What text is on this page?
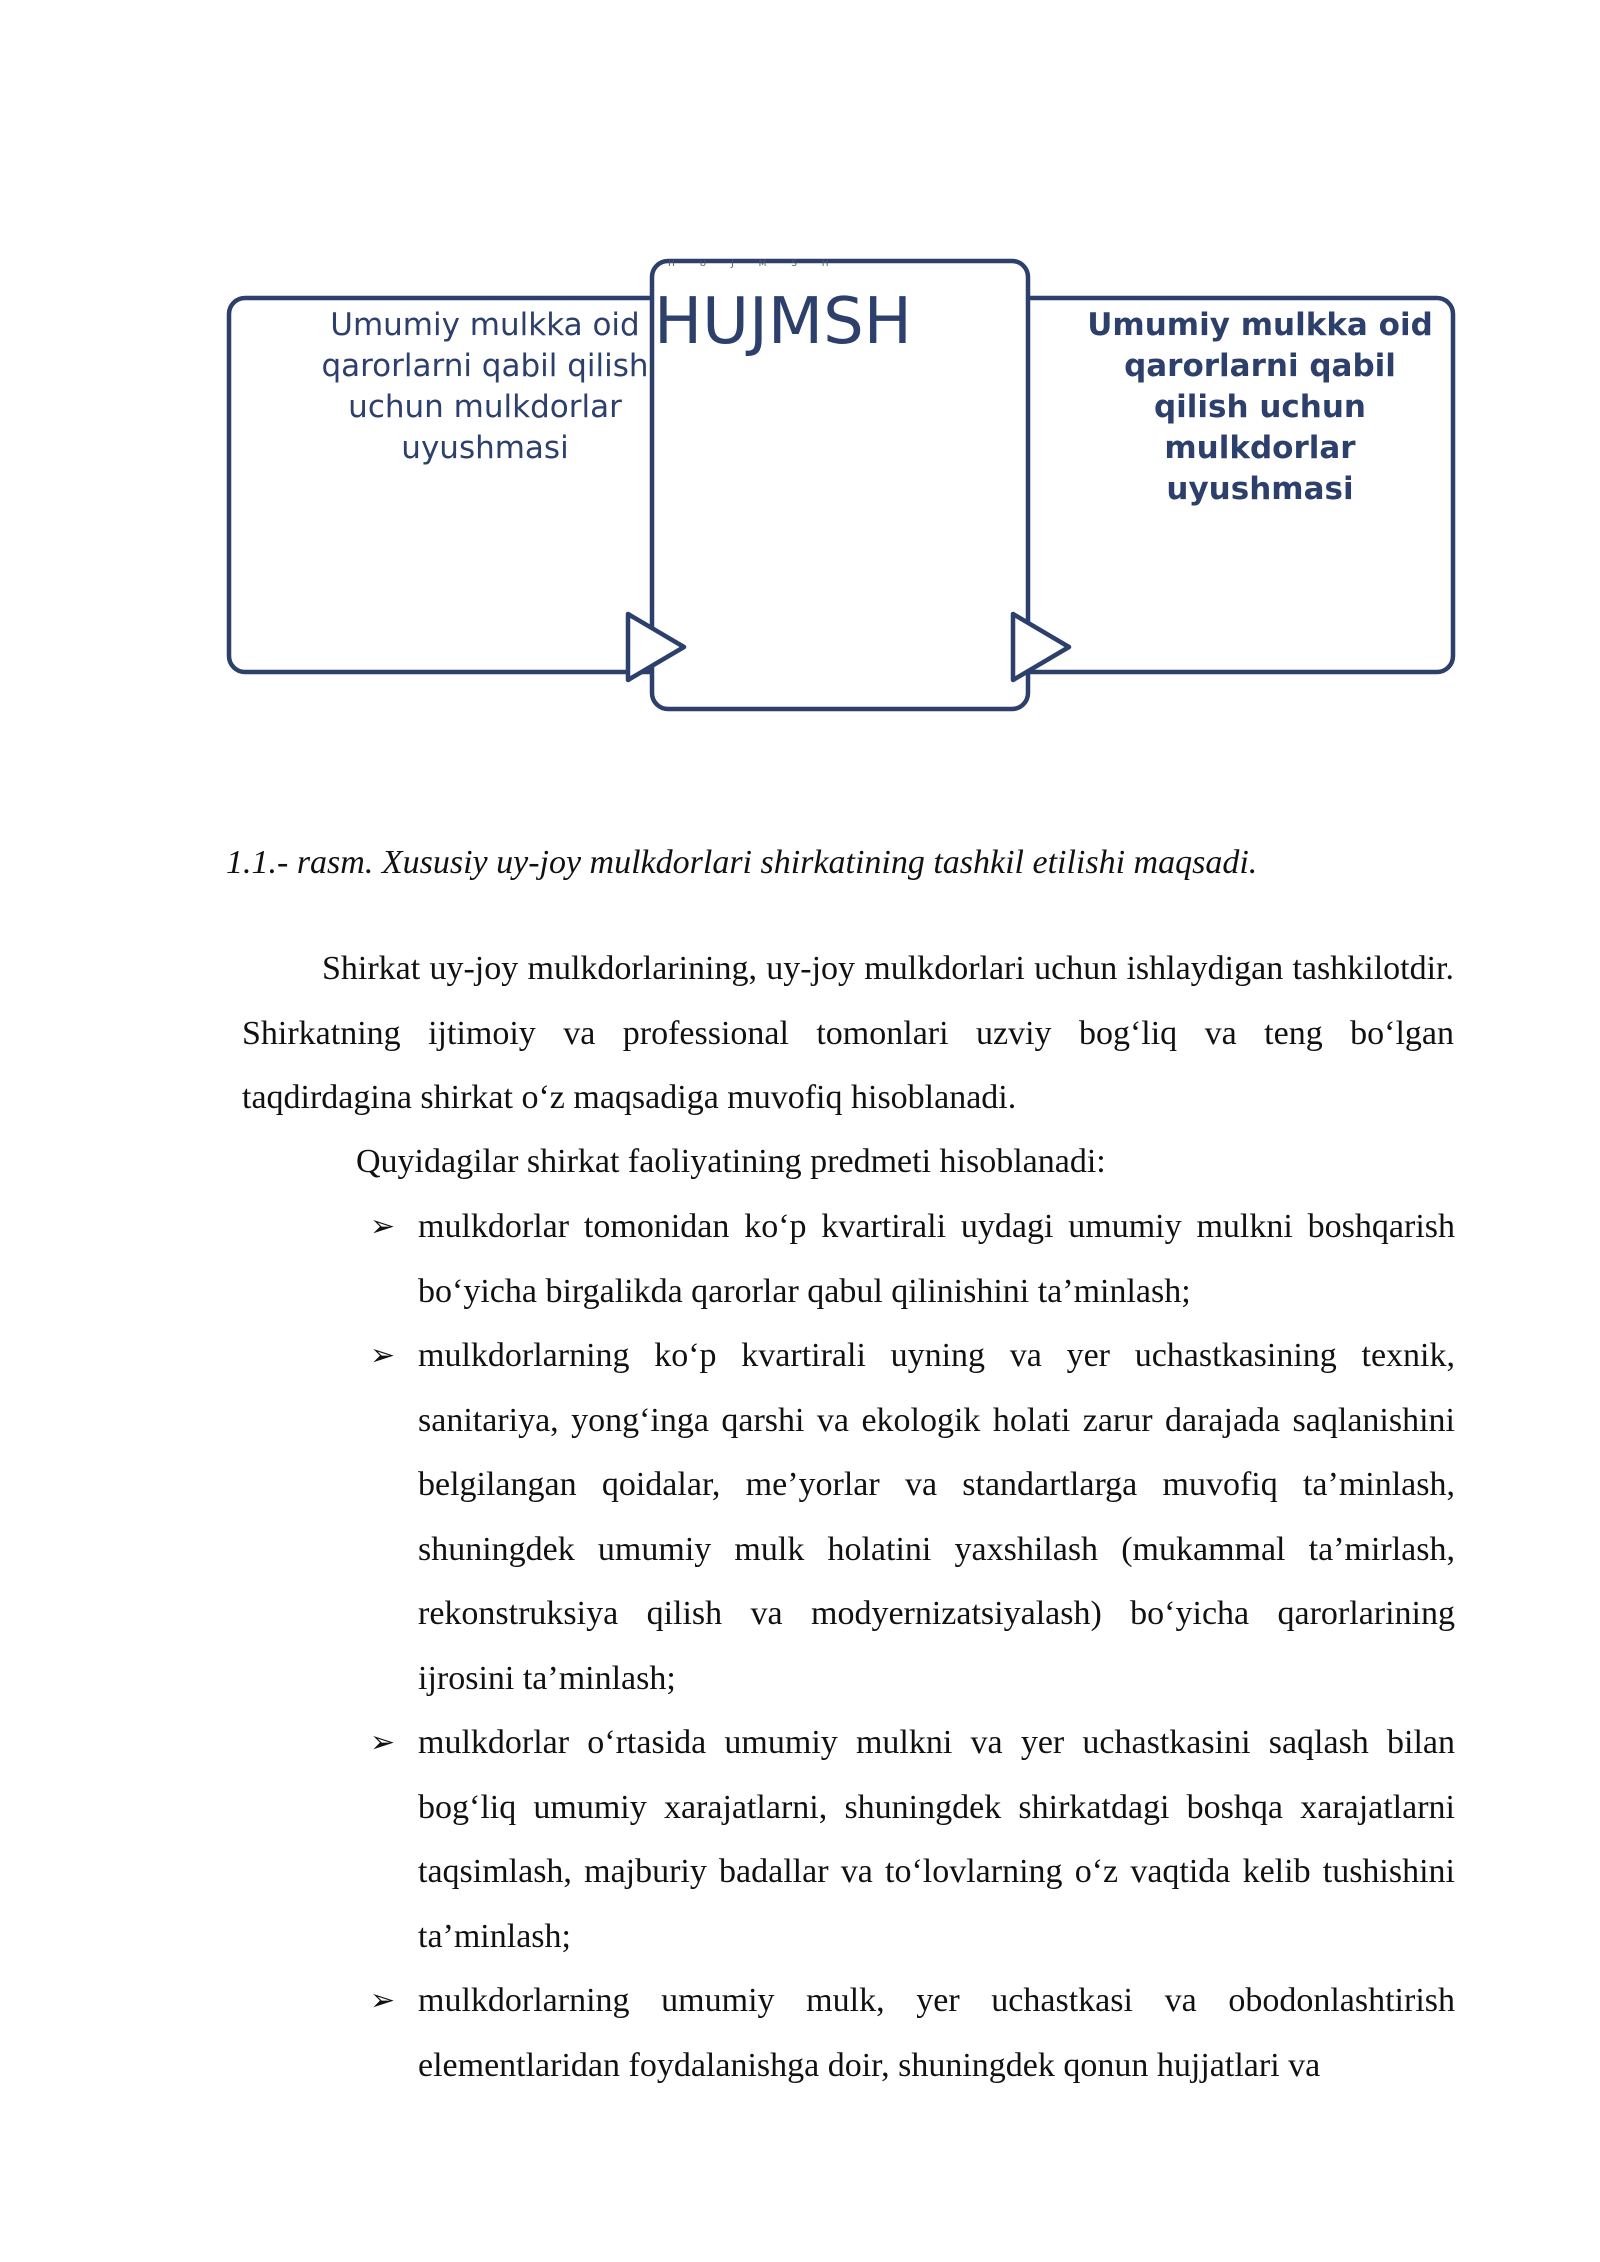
Umumiy mulkka oid qarorlarni qabil qilish uchun mulkdorlar uyushmasi
H U J M S H
HUJMSH	Umumiy mulkka oid qarorlarni qabil qilish uchun mulkdorlar uyushmasi
1.1.- rasm. Xususiy uy-joy mulkdorlari shirkatining tashkil etilishi maqsadi.

Shirkat uy-joy mulkdorlarining, uy-joy mulkdorlari uchun ishlaydigan tashkilotdir. Shirkatning ijtimoiy va professional tomonlari uzviy bog‘liq va teng bo‘lgan taqdirdagina shirkat o‘z maqsadiga muvofiq hisoblanadi.

Quyidagilar shirkat faoliyatining predmeti hisoblanadi:

➢ mulkdorlar tomonidan ko‘p kvartirali uydagi umumiy mulkni boshqarish bo‘yicha birgalikda qarorlar qabul qilinishini ta’minlash;
➢ mulkdorlarning ko‘p kvartirali uyning va yer uchastkasining texnik, sanitariya, yong‘inga qarshi va ekologik holati zarur darajada saqlanishini belgilangan qoidalar, me’yorlar va standartlarga muvofiq ta’minlash, shuningdek umumiy mulk holatini yaxshilash (mukammal ta’mirlash, rekonstruksiya qilish va modyernizatsiyalash) bo‘yicha qarorlarining ijrosini ta’minlash;
➢ mulkdorlar o‘rtasida umumiy mulkni va yer uchastkasini saqlash bilan bog‘liq umumiy xarajatlarni, shuningdek shirkatdagi boshqa xarajatlarni taqsimlash, majburiy badallar va to‘lovlarning o‘z vaqtida kelib tushishini ta’minlash;
➢ mulkdorlarning umumiy mulk, yer uchastkasi va obodonlashtirish elementlaridan foydalanishga doir, shuningdek qonun hujjatlari va
